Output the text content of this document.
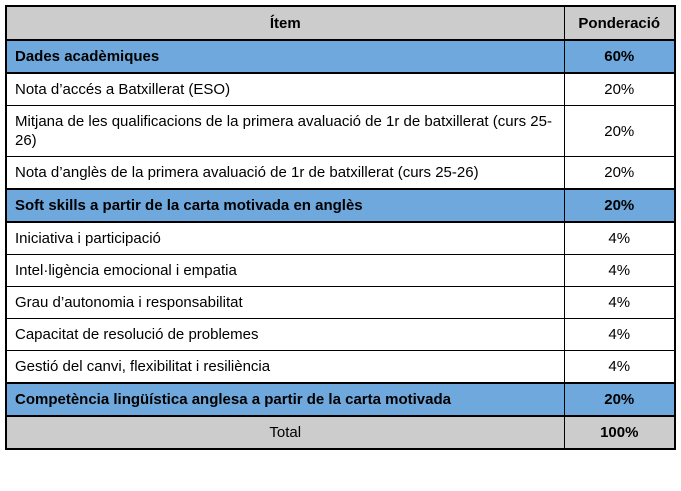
Ítem	Ponderació
Dades acadèmiques	60%
Nota d’accés a Batxillerat (ESO)	20%
Mitjana de les qualificacions de la primera avaluació de 1r de batxillerat (curs 25-26)	20%
Nota d’anglès de la primera avaluació de 1r de batxillerat (curs 25-26)	20%
Soft skills a partir de la carta motivada en anglès	20%
Iniciativa i participació	4%
Intel·ligència emocional i empatia	4%
Grau d’autonomia i responsabilitat	4%
Capacitat de resolució de problemes	4%
Gestió del canvi, flexibilitat i resiliència	4%
Competència lingüística anglesa a partir de la carta motivada	20%
Total	100%
